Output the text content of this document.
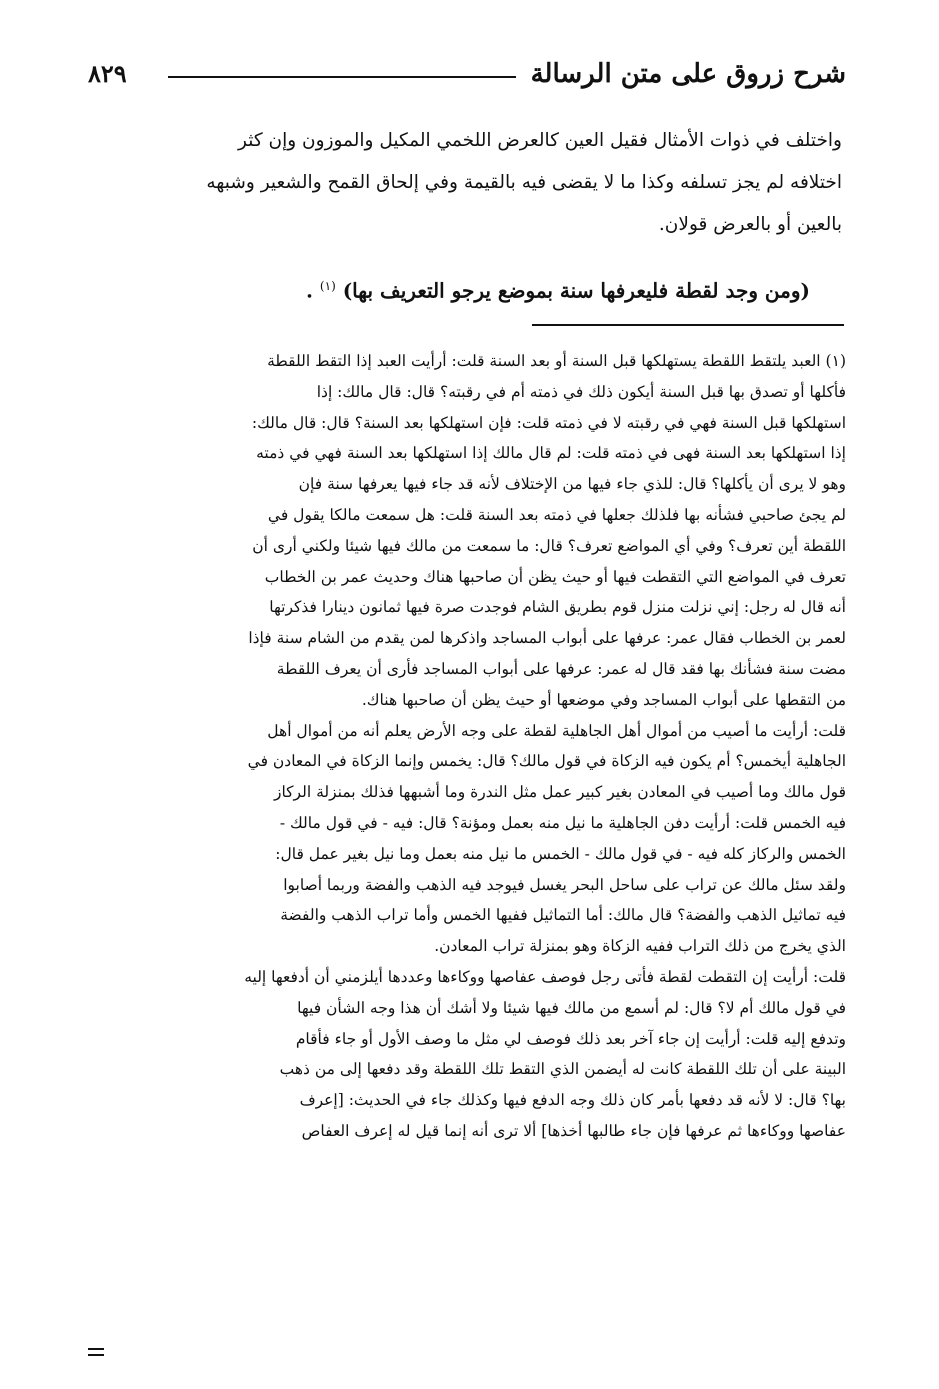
شرح زروق على متن الرسالة
٨٢٩

واختلف في ذوات الأمثال فقيل العين كالعرض اللخمي المكيل والموزون وإن كثر

اختلافه لم يجز تسلفه وكذا ما لا يقضى فيه بالقيمة وفي إلحاق القمح والشعير وشبهه

بالعين أو بالعرض قولان.

(ومن وجد لقطة فليعرفها سنة بموضع يرجو التعريف بها) $^{(١)}$ .
(١) العبد يلتقط اللقطة يستهلكها قبل السنة أو بعد السنة قلت: أرأيت العبد إذا التقط اللقطة
فأكلها أو تصدق بها قبل السنة أيكون ذلك في ذمته أم في رقبته؟ قال: قال مالك: إذا
استهلكها قبل السنة فهي في رقبته لا في ذمته قلت: فإن استهلكها بعد السنة؟ قال: قال مالك:
إذا استهلكها بعد السنة فهى في ذمته قلت: لم قال مالك إذا استهلكها بعد السنة فهي في ذمته
وهو لا يرى أن يأكلها؟ قال: للذي جاء فيها من الإختلاف لأنه قد جاء فيها يعرفها سنة فإن
لم يجئ صاحبي فشأنه بها فلذلك جعلها في ذمته بعد السنة قلت: هل سمعت مالكا يقول في
اللقطة أين تعرف؟ وفي أي المواضع تعرف؟ قال: ما سمعت من مالك فيها شيئا ولكني أرى أن
تعرف في المواضع التي التقطت فيها أو حيث يظن أن صاحبها هناك وحديث عمر بن الخطاب
أنه قال له رجل: إني نزلت منزل قوم بطريق الشام فوجدت صرة فيها ثمانون دينارا فذكرتها
لعمر بن الخطاب فقال عمر: عرفها على أبواب المساجد واذكرها لمن يقدم من الشام سنة فإذا
مضت سنة فشأنك بها فقد قال له عمر: عرفها على أبواب المساجد فأرى أن يعرف اللقطة
من التقطها على أبواب المساجد وفي موضعها أو حيث يظن أن صاحبها هناك.
قلت: أرأيت ما أصيب من أموال أهل الجاهلية لقطة على وجه الأرض يعلم أنه من أموال أهل
الجاهلية أيخمس؟ أم يكون فيه الزكاة في قول مالك؟ قال: يخمس وإنما الزكاة في المعادن في
قول مالك وما أصيب في المعادن بغير كبير عمل مثل الندرة وما أشبهها فذلك بمنزلة الركاز
فيه الخمس قلت: أرأيت دفن الجاهلية ما نيل منه بعمل ومؤنة؟ قال: فيه - في قول مالك -
الخمس والركاز كله فيه - في قول مالك - الخمس ما نيل منه بعمل وما نيل بغير عمل قال:
ولقد سئل مالك عن تراب على ساحل البحر يغسل فيوجد فيه الذهب والفضة وربما أصابوا
فيه تماثيل الذهب والفضة؟ قال مالك: أما التماثيل ففيها الخمس وأما تراب الذهب والفضة
الذي يخرج من ذلك التراب ففيه الزكاة وهو بمنزلة تراب المعادن.
قلت: أرأيت إن التقطت لقطة فأتى رجل فوصف عفاصها ووكاءها وعددها أيلزمني أن أدفعها إليه
في قول مالك أم لا؟ قال: لم أسمع من مالك فيها شيئا ولا أشك أن هذا وجه الشأن فيها
وتدفع إليه قلت: أرأيت إن جاء آخر بعد ذلك فوصف لي مثل ما وصف الأول أو جاء فأقام
البينة على أن تلك اللقطة كانت له أيضمن الذي التقط تلك اللقطة وقد دفعها إلى من ذهب
بها؟ قال: لا لأنه قد دفعها بأمر كان ذلك وجه الدفع فيها وكذلك جاء في الحديث: [إعرف
عفاصها ووكاءها ثم عرفها فإن جاء طالبها أخذها] ألا ترى أنه إنما قيل له إعرف العفاص
